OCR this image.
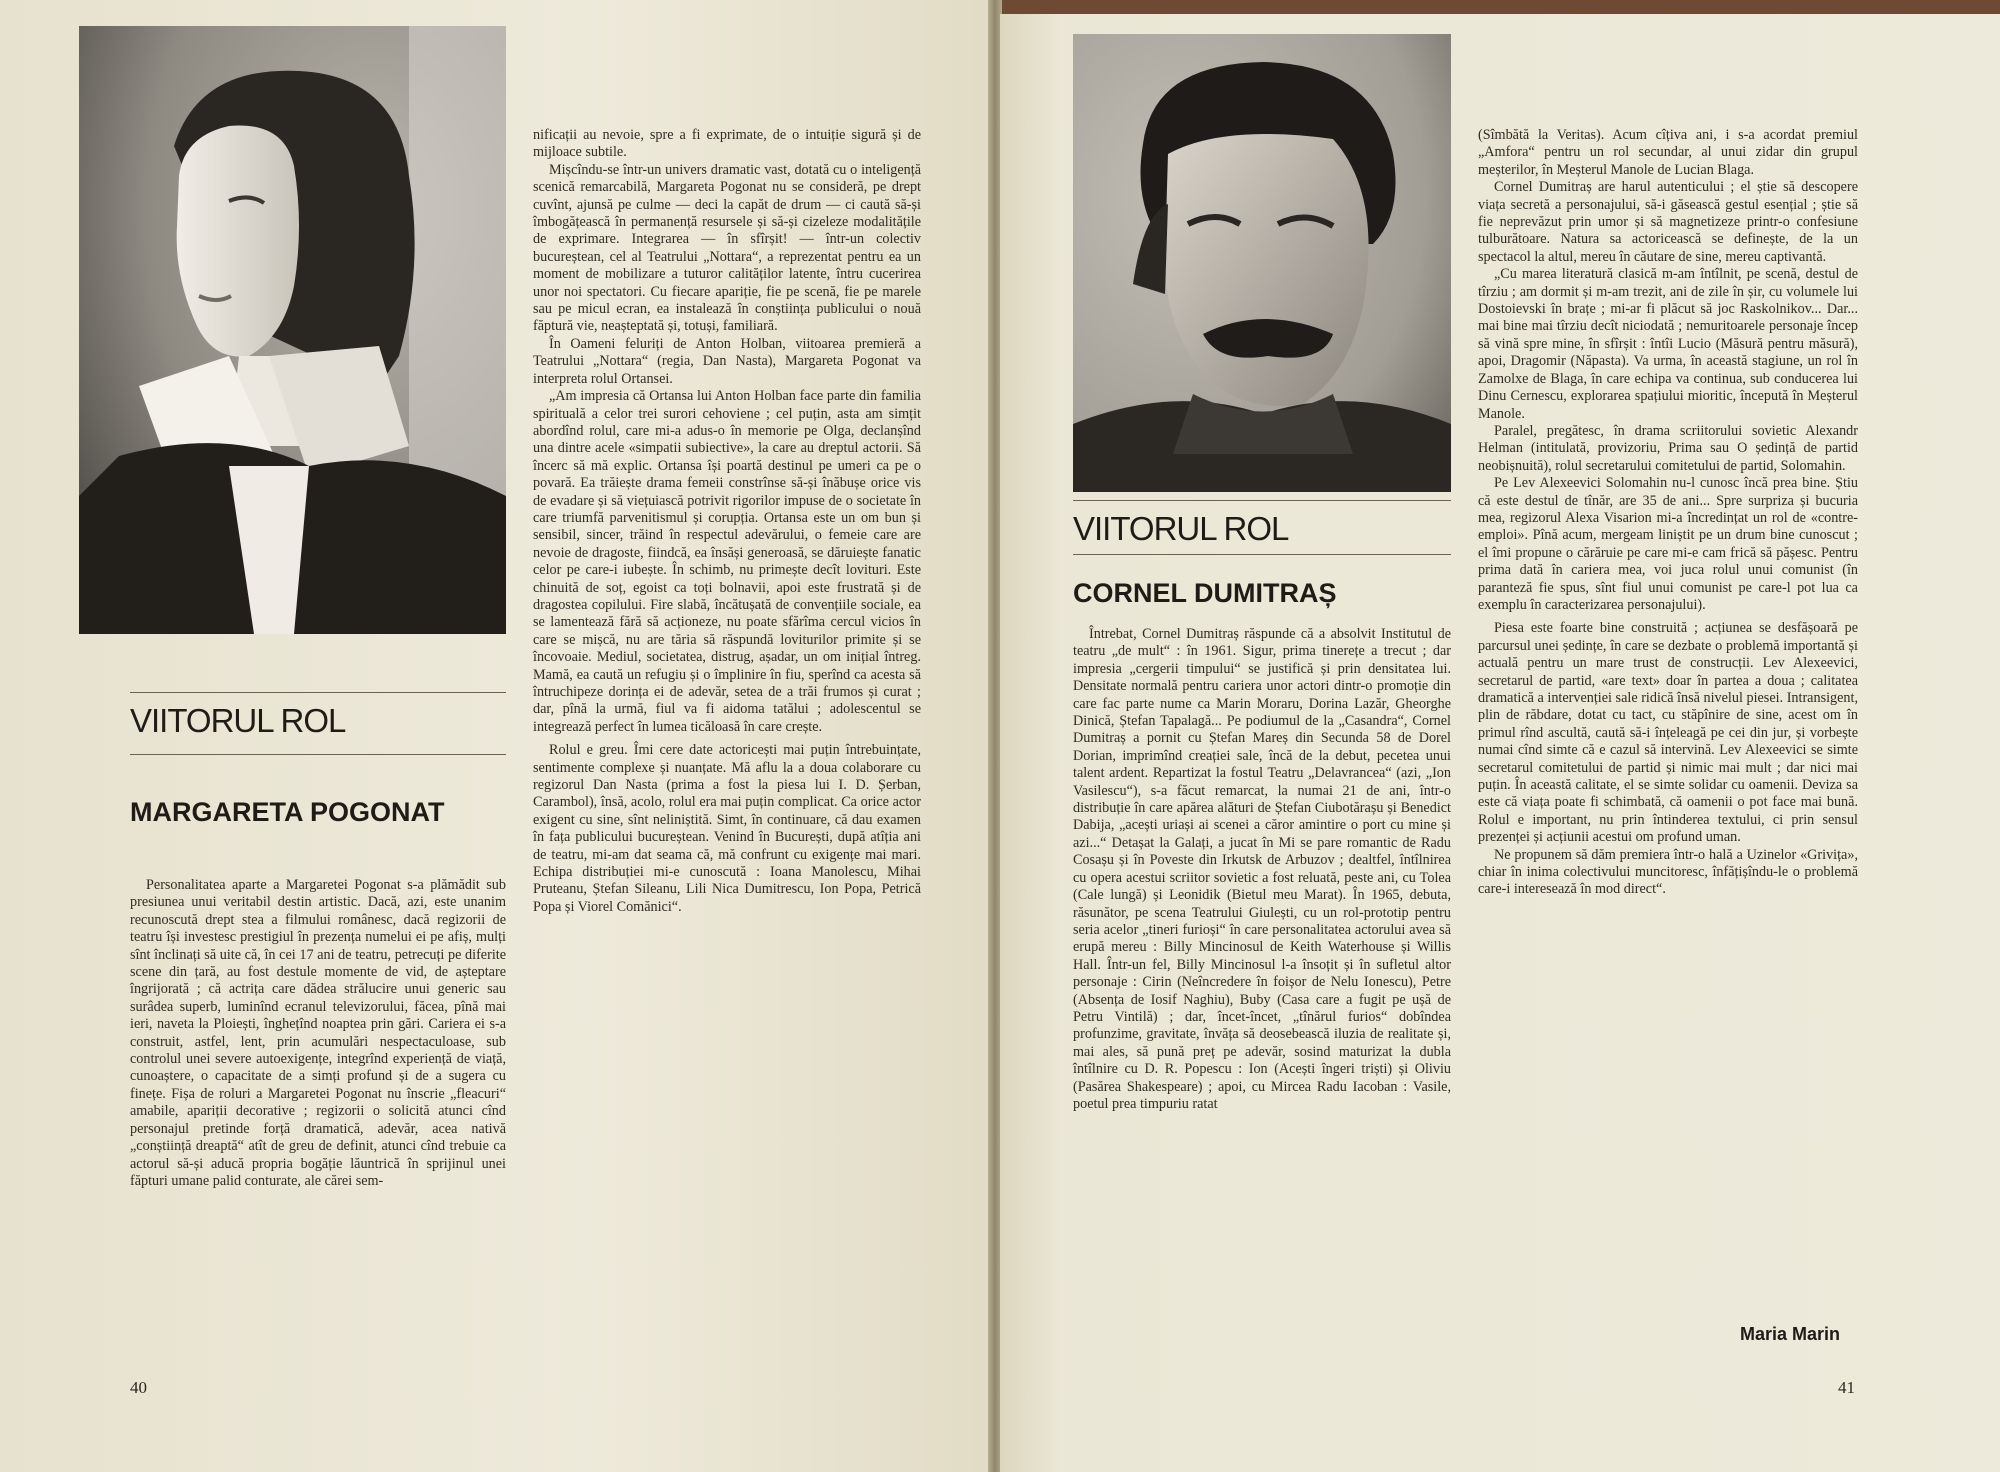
VIITORUL ROL
MARGARETA POGONAT

Personalitatea aparte a Margaretei Pogonat s-a plămădit sub presiunea unui veritabil destin artistic. Dacă, azi, este unanim recunoscută drept stea a filmului românesc, dacă regizorii de teatru își investesc prestigiul în prezența numelui ei pe afiș, mulți sînt înclinați să uite că, în cei 17 ani de teatru, petrecuți pe diferite scene din țară, au fost destule momente de vid, de așteptare îngrijorată ; că actrița care dădea strălucire unui generic sau surâdea superb, luminînd ecranul televizorului, făcea, pînă mai ieri, naveta la Ploiești, înghețînd noaptea prin gări. Cariera ei s-a construit, astfel, lent, prin acumulări nespectaculoase, sub controlul unei severe autoexigențe, integrînd experiență de viață, cunoaștere, o capacitate de a simți profund și de a sugera cu finețe. Fișa de roluri a Margaretei Pogonat nu înscrie „fleacuri“ amabile, apariții decorative ; regizorii o solicită atunci cînd personajul pretinde forță dramatică, adevăr, acea nativă „conștiință dreaptă“ atît de greu de definit, atunci cînd trebuie ca actorul să-și aducă propria bogăție lăuntrică în sprijinul unei făpturi umane palid conturate, ale cărei sem-

nificații au nevoie, spre a fi exprimate, de o intuiție sigură și de mijloace subtile.

Mișcîndu-se într-un univers dramatic vast, dotată cu o inteligență scenică remarcabilă, Margareta Pogonat nu se consideră, pe drept cuvînt, ajunsă pe culme — deci la capăt de drum — ci caută să-și îmbogățească în permanență resursele și să-și cizeleze modalitățile de exprimare. Integrarea — în sfîrșit! — într-un colectiv bucureștean, cel al Teatrului „Nottara“, a reprezentat pentru ea un moment de mobilizare a tuturor calităților latente, întru cucerirea unor noi spectatori. Cu fiecare apariție, fie pe scenă, fie pe marele sau pe micul ecran, ea instalează în conștiința publicului o nouă făptură vie, neașteptată și, totuși, familiară.

În Oameni feluriți de Anton Holban, viitoarea premieră a Teatrului „Nottara“ (regia, Dan Nasta), Margareta Pogonat va interpreta rolul Ortansei.

„Am impresia că Ortansa lui Anton Holban face parte din familia spirituală a celor trei surori cehoviene ; cel puțin, asta am simțit abordînd rolul, care mi-a adus-o în memorie pe Olga, declanșînd una dintre acele «simpatii subiective», la care au dreptul actorii. Să încerc să mă explic. Ortansa își poartă destinul pe umeri ca pe o povară. Ea trăiește drama femeii constrînse să-și înăbușe orice vis de evadare și să viețuiască potrivit rigorilor impuse de o societate în care triumfă parvenitismul și corupția. Ortansa este un om bun și sensibil, sincer, trăind în respectul adevărului, o femeie care are nevoie de dragoste, fiindcă, ea însăși generoasă, se dăruiește fanatic celor pe care-i iubește. În schimb, nu primește decît lovituri. Este chinuită de soț, egoist ca toți bolnavii, apoi este frustrată și de dragostea copilului. Fire slabă, încătușată de convențiile sociale, ea se lamentează fără să acționeze, nu poate sfărîma cercul vicios în care se mișcă, nu are tăria să răspundă loviturilor primite și se încovoaie. Mediul, societatea, distrug, așadar, un om inițial întreg. Mamă, ea caută un refugiu și o împlinire în fiu, sperînd ca acesta să întruchipeze dorința ei de adevăr, setea de a trăi frumos și curat ; dar, pînă la urmă, fiul va fi aidoma tatălui ; adolescentul se integrează perfect în lumea ticăloasă în care crește.

Rolul e greu. Îmi cere date actoricești mai puțin întrebuințate, sentimente complexe și nuanțate. Mă aflu la a doua colaborare cu regizorul Dan Nasta (prima a fost la piesa lui I. D. Șerban, Carambol), însă, acolo, rolul era mai puțin complicat. Ca orice actor exigent cu sine, sînt neliniștită. Simt, în continuare, că dau examen în fața publicului bucureștean. Venind în București, după atîția ani de teatru, mi-am dat seama că, mă confrunt cu exigențe mai mari. Echipa distribuției mi-e cunoscută : Ioana Manolescu, Mihai Pruteanu, Ștefan Sileanu, Lili Nica Dumitrescu, Ion Popa, Petrică Popa și Viorel Comănici“.

40
VIITORUL ROL
CORNEL DUMITRAȘ

Întrebat, Cornel Dumitraș răspunde că a absolvit Institutul de teatru „de mult“ : în 1961. Sigur, prima tinerețe a trecut ; dar impresia „cergerii timpului“ se justifică și prin densitatea lui. Densitate normală pentru cariera unor actori dintr-o promoție din care fac parte nume ca Marin Moraru, Dorina Lazăr, Gheorghe Dinică, Ștefan Tapalagă... Pe podiumul de la „Casandra“, Cornel Dumitraș a pornit cu Ștefan Mareș din Secunda 58 de Dorel Dorian, imprimînd creației sale, încă de la debut, pecetea unui talent ardent. Repartizat la fostul Teatru „Delavrancea“ (azi, „Ion Vasilescu“), s-a făcut remarcat, la numai 21 de ani, într-o distribuție în care apărea alături de Ștefan Ciubotărașu și Benedict Dabija, „acești uriași ai scenei a căror amintire o port cu mine și azi...“ Detașat la Galați, a jucat în Mi se pare romantic de Radu Cosașu și în Poveste din Irkutsk de Arbuzov ; dealtfel, întîlnirea cu opera acestui scriitor sovietic a fost reluată, peste ani, cu Tolea (Cale lungă) și Leonidik (Bietul meu Marat). În 1965, debuta, răsunător, pe scena Teatrului Giulești, cu un rol-prototip pentru seria acelor „tineri furioși“ în care personalitatea actorului avea să erupă mereu : Billy Mincinosul de Keith Waterhouse și Willis Hall. Într-un fel, Billy Mincinosul l-a însoțit și în sufletul altor personaje : Cirin (Neîncredere în foișor de Nelu Ionescu), Petre (Absența de Iosif Naghiu), Buby (Casa care a fugit pe ușă de Petru Vintilă) ; dar, încet-încet, „tînărul furios“ dobîndea profunzime, gravitate, învăța să deosebească iluzia de realitate și, mai ales, să pună preț pe adevăr, sosind maturizat la dubla întîlnire cu D. R. Popescu : Ion (Acești îngeri triști) și Oliviu (Pasărea Shakespeare) ; apoi, cu Mircea Radu Iacoban : Vasile, poetul prea timpuriu ratat

(Sîmbătă la Veritas). Acum cîțiva ani, i s-a acordat premiul „Amfora“ pentru un rol secundar, al unui zidar din grupul meșterilor, în Meșterul Manole de Lucian Blaga.

Cornel Dumitraș are harul autenticului ; el știe să descopere viața secretă a personajului, să-i găsească gestul esențial ; știe să fie neprevăzut prin umor și să magnetizeze printr-o confesiune tulburătoare. Natura sa actoricească se definește, de la un spectacol la altul, mereu în căutare de sine, mereu captivantă.

„Cu marea literatură clasică m-am întîlnit, pe scenă, destul de tîrziu ; am dormit și m-am trezit, ani de zile în șir, cu volumele lui Dostoievski în brațe ; mi-ar fi plăcut să joc Raskolnikov... Dar... mai bine mai tîrziu decît niciodată ; nemuritoarele personaje încep să vină spre mine, în sfîrșit : întîi Lucio (Măsură pentru măsură), apoi, Dragomir (Năpasta). Va urma, în această stagiune, un rol în Zamolxe de Blaga, în care echipa va continua, sub conducerea lui Dinu Cernescu, explorarea spațiului mioritic, începută în Meșterul Manole.

Paralel, pregătesc, în drama scriitorului sovietic Alexandr Helman (intitulată, provizoriu, Prima sau O ședință de partid neobișnuită), rolul secretarului comitetului de partid, Solomahin.

Pe Lev Alexeevici Solomahin nu-l cunosc încă prea bine. Știu că este destul de tînăr, are 35 de ani... Spre surpriza și bucuria mea, regizorul Alexa Visarion mi-a încredințat un rol de «contre-emploi». Pînă acum, mergeam liniștit pe un drum bine cunoscut ; el îmi propune o cărăruie pe care mi-e cam frică să pășesc. Pentru prima dată în cariera mea, voi juca rolul unui comunist (în paranteză fie spus, sînt fiul unui comunist pe care-l pot lua ca exemplu în caracterizarea personajului).

Piesa este foarte bine construită ; acțiunea se desfășoară pe parcursul unei ședințe, în care se dezbate o problemă importantă și actuală pentru un mare trust de construcții. Lev Alexeevici, secretarul de partid, «are text» doar în partea a doua ; calitatea dramatică a intervenției sale ridică însă nivelul piesei. Intransigent, plin de răbdare, dotat cu tact, cu stăpînire de sine, acest om în primul rînd ascultă, caută să-i înțeleagă pe cei din jur, și vorbește numai cînd simte că e cazul să intervină. Lev Alexeevici se simte secretarul comitetului de partid și nimic mai mult ; dar nici mai puțin. În această calitate, el se simte solidar cu oamenii. Deviza sa este că viața poate fi schimbată, că oamenii o pot face mai bună. Rolul e important, nu prin întinderea textului, ci prin sensul prezenței și acțiunii acestui om profund uman.

Ne propunem să dăm premiera într-o hală a Uzinelor «Grivița», chiar în inima colectivului muncitoresc, înfățișîndu-le o problemă care-i interesează în mod direct“.

Maria Marin
41
